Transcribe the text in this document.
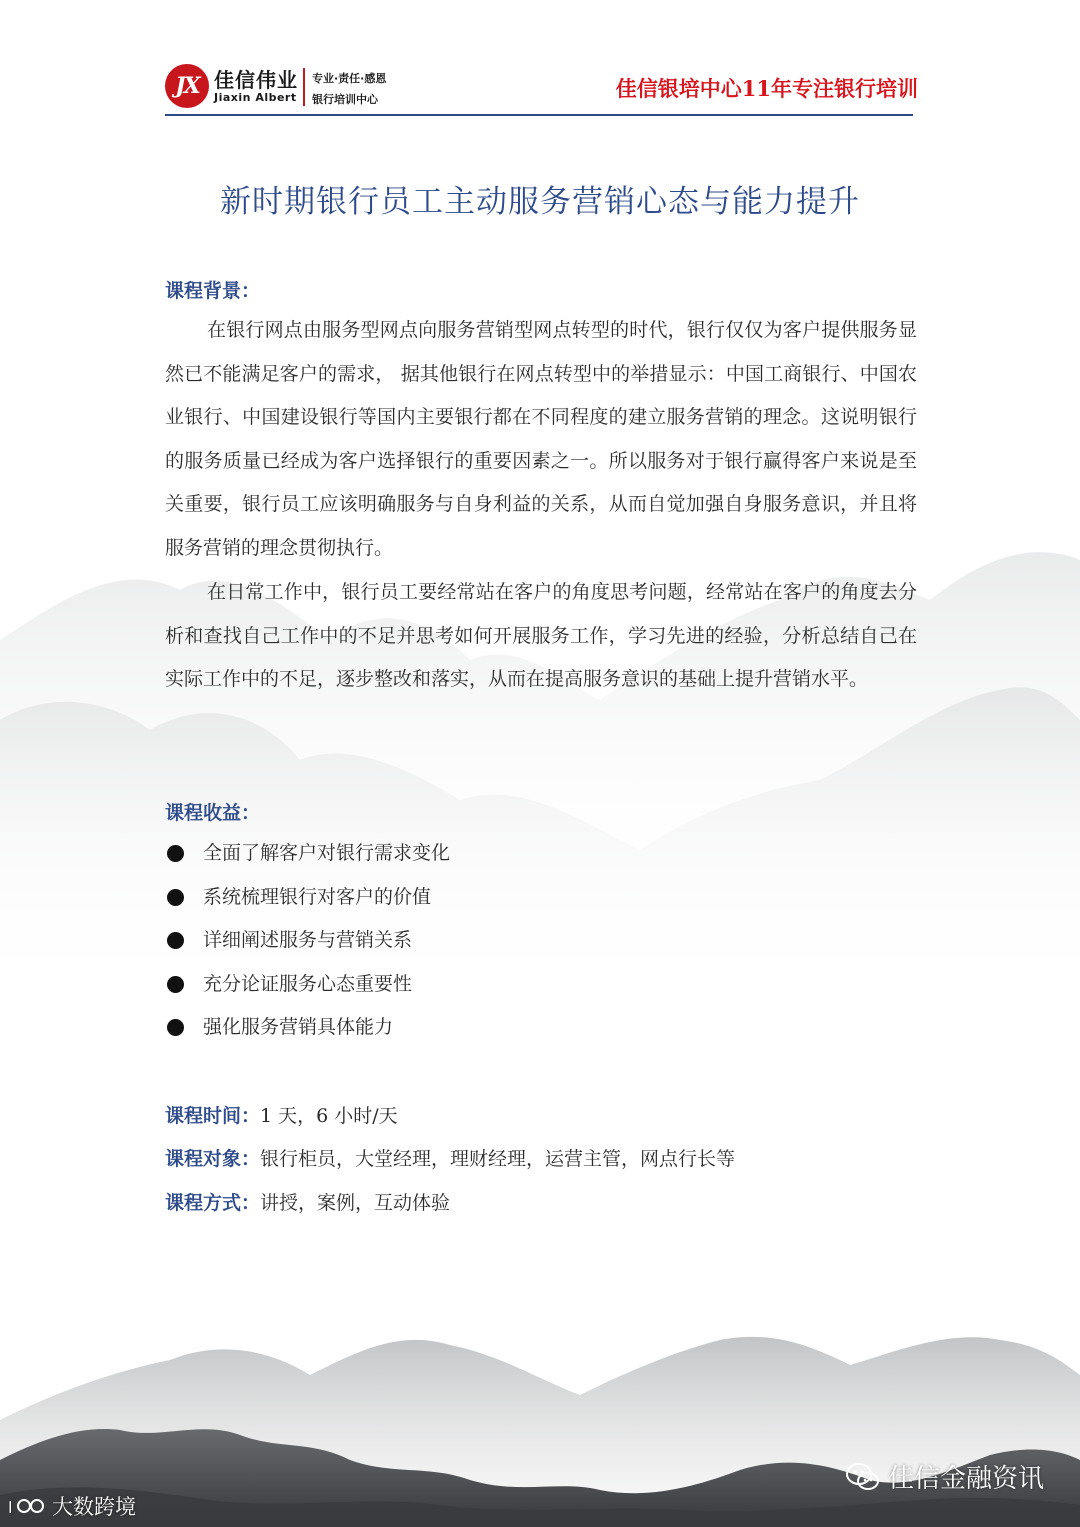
JX 佳信伟业
Jiaxin Albert
专业·责任·感恩
银行培训中心	佳信银培中心11年专注银行培训
新时期银行员工主动服务营销心态与能力提升
课程背景：

在银行网点由服务型网点向服务营销型网点转型的时代，银行仅仅为客户提供服务显然已不能满足客户的需求， 据其他银行在网点转型中的举措显示：中国工商银行、中国农业银行、中国建设银行等国内主要银行都在不同程度的建立服务营销的理念。这说明银行的服务质量已经成为客户选择银行的重要因素之一。所以服务对于银行赢得客户来说是至关重要，银行员工应该明确服务与自身利益的关系，从而自觉加强自身服务意识，并且将服务营销的理念贯彻执行。

在日常工作中，银行员工要经常站在客户的角度思考问题，经常站在客户的角度去分析和查找自己工作中的不足并思考如何开展服务工作，学习先进的经验，分析总结自己在实际工作中的不足，逐步整改和落实，从而在提高服务意识的基础上提升营销水平。

课程收益：
全面了解客户对银行需求变化
系统梳理银行对客户的价值
详细阐述服务与营销关系
充分论证服务心态重要性
强化服务营销具体能力
课程时间：1 天，6 小时/天
课程对象：银行柜员，大堂经理，理财经理，运营主管，网点行长等
课程方式：讲授，案例，互动体验
l 大数跨境
佳信金融资讯
